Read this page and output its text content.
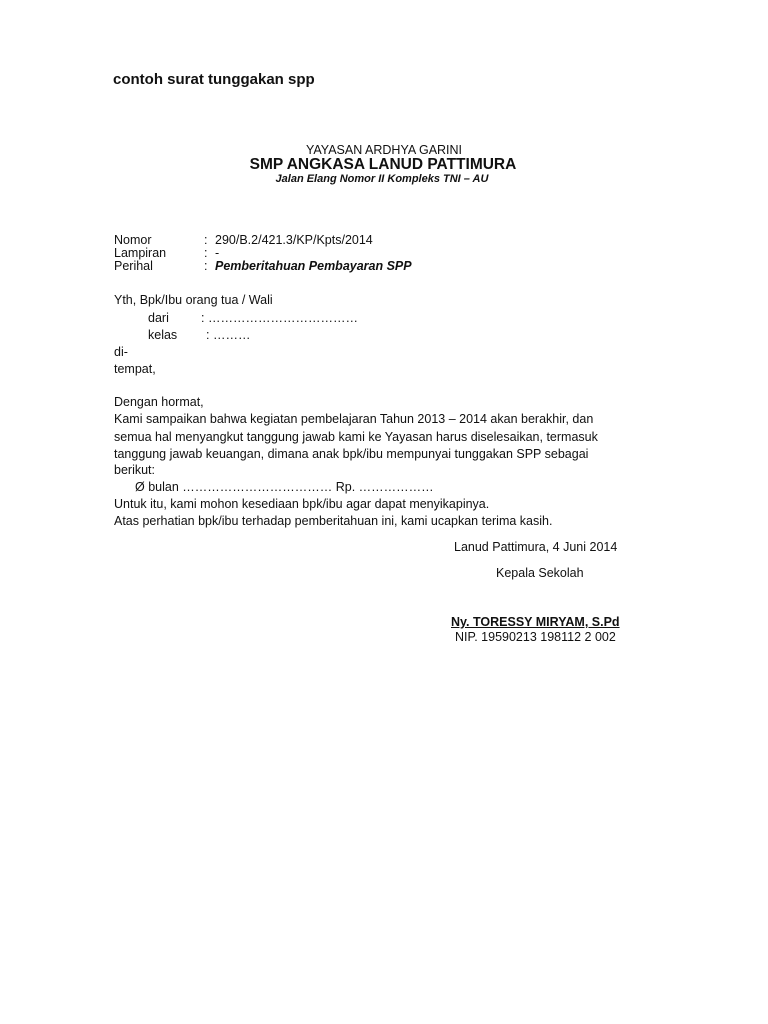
contoh surat tunggakan spp
YAYASAN ARDHYA GARINI
SMP ANGKASA LANUD PATTIMURA
Jalan Elang Nomor II Kompleks TNI – AU
Nomor	: 290/B.2/421.3/KP/Kpts/2014
Lampiran	: -
Perihal	: Pemberitahuan Pembayaran SPP
Yth, Bpk/Ibu orang tua / Wali
dari	: ………………………………
kelas : ………
di-
tempat,
Dengan hormat,
Kami sampaikan bahwa kegiatan pembelajaran Tahun 2013 – 2014 akan berakhir, dan
semua hal menyangkut tanggung jawab kami ke Yayasan harus diselesaikan, termasuk
tanggung jawab keuangan, dimana anak bpk/ibu mempunyai tunggakan SPP sebagai
berikut:
Ø bulan ……………………………… Rp. ………………
Untuk itu, kami mohon kesediaan bpk/ibu agar dapat menyikapinya.
Atas perhatian bpk/ibu terhadap pemberitahuan ini, kami ucapkan terima kasih.
Lanud Pattimura, 4 Juni 2014
Kepala Sekolah
Ny. TORESSY MIRYAM, S.Pd
NIP. 19590213 198112 2 002
